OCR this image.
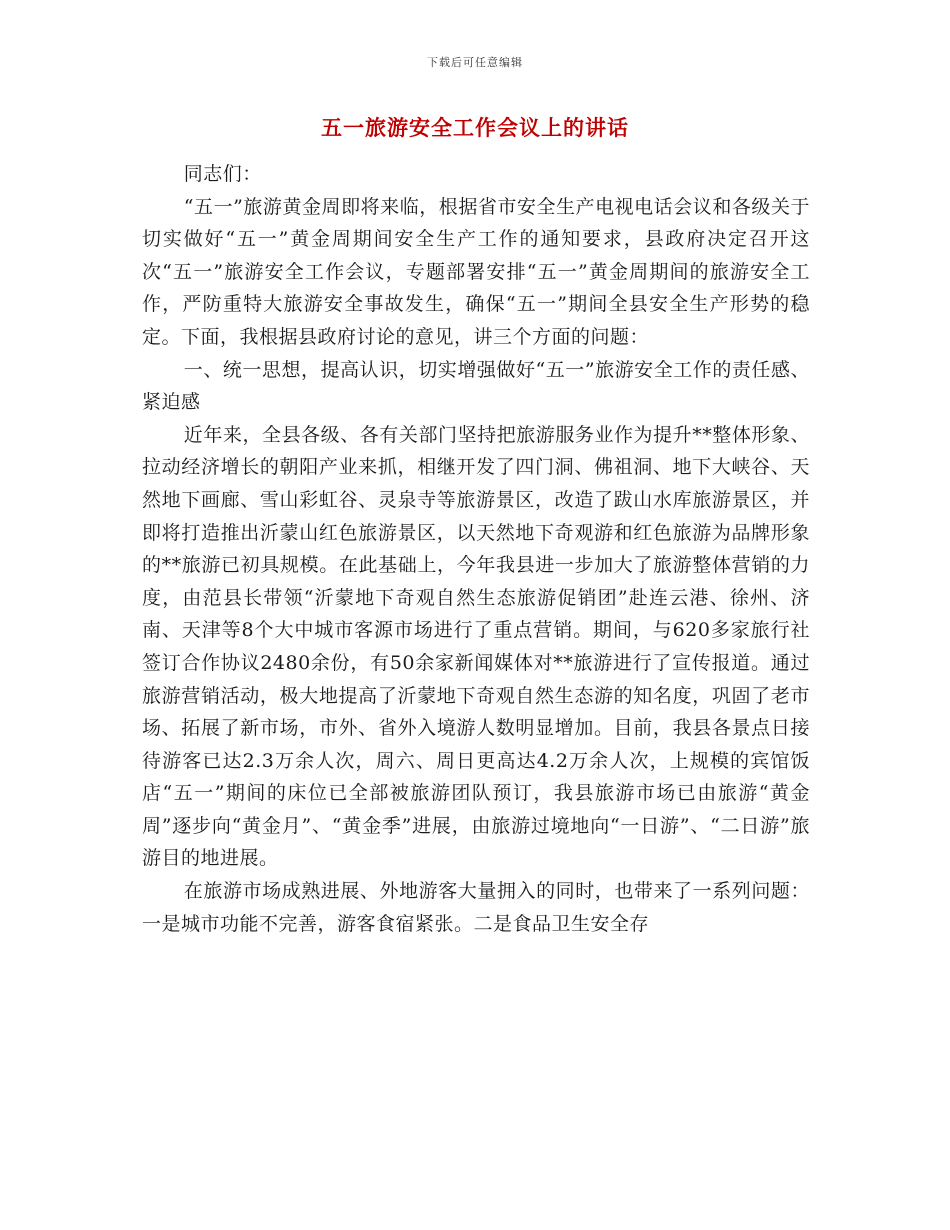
下载后可任意编辑
五一旅游安全工作会议上的讲话

同志们：

“五一”旅游黄金周即将来临，根据省市安全生产电视电话会议和各级关于切实做好“五一”黄金周期间安全生产工作的通知要求，县政府决定召开这次“五一”旅游安全工作会议，专题部署安排“五一”黄金周期间的旅游安全工作，严防重特大旅游安全事故发生，确保“五一”期间全县安全生产形势的稳定。下面，我根据县政府讨论的意见，讲三个方面的问题：

一、统一思想，提高认识，切实增强做好“五一”旅游安全工作的责任感、紧迫感

近年来，全县各级、各有关部门坚持把旅游服务业作为提升**整体形象、拉动经济增长的朝阳产业来抓，相继开发了四门洞、佛祖洞、地下大峡谷、天然地下画廊、雪山彩虹谷、灵泉寺等旅游景区，改造了跋山水库旅游景区，并即将打造推出沂蒙山红色旅游景区，以天然地下奇观游和红色旅游为品牌形象的**旅游已初具规模。在此基础上，今年我县进一步加大了旅游整体营销的力度，由范县长带领“沂蒙地下奇观自然生态旅游促销团”赴连云港、徐州、济南、天津等8个大中城市客源市场进行了重点营销。期间，与620多家旅行社签订合作协议2480余份，有50余家新闻媒体对**旅游进行了宣传报道。通过旅游营销活动，极大地提高了沂蒙地下奇观自然生态游的知名度，巩固了老市场、拓展了新市场，市外、省外入境游人数明显增加。目前，我县各景点日接待游客已达2.3万余人次，周六、周日更高达4.2万余人次，上规模的宾馆饭店“五一”期间的床位已全部被旅游团队预订，我县旅游市场已由旅游“黄金周”逐步向“黄金月”、“黄金季”进展，由旅游过境地向“一日游”、“二日游”旅游目的地进展。

在旅游市场成熟进展、外地游客大量拥入的同时，也带来了一系列问题：一是城市功能不完善，游客食宿紧张。二是食品卫生安全存
